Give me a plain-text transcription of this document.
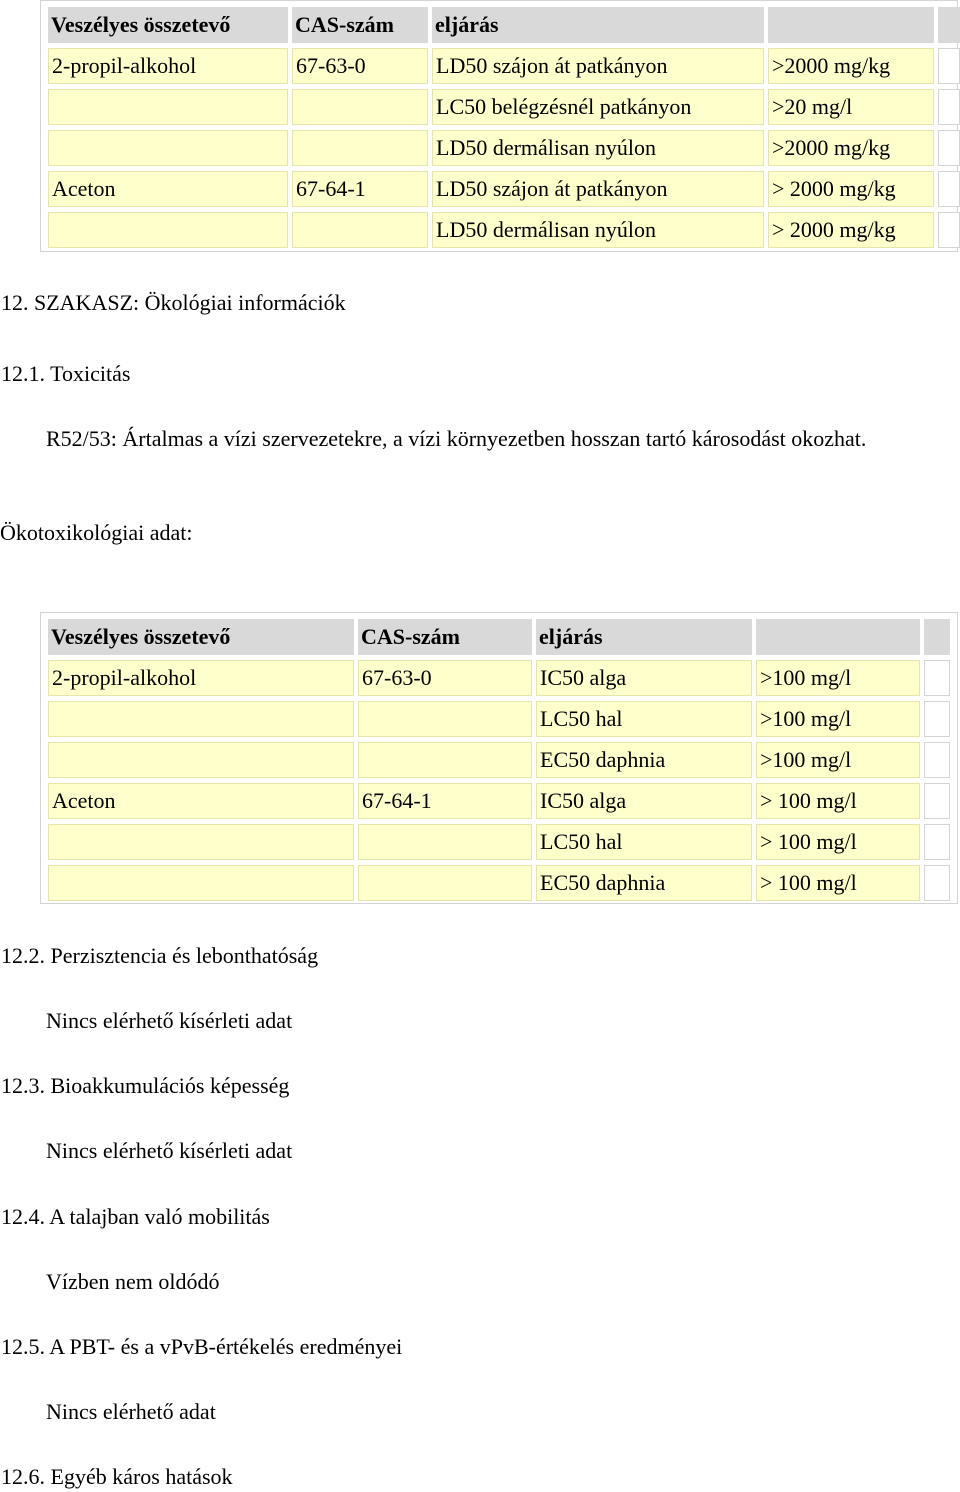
Veszélyes összetevő	CAS-szám	eljárás		
2-propil-alkohol	67-63-0	LD50 szájon át patkányon	>2000 mg/kg	
		LC50 belégzésnél patkányon	>20 mg/l	
		LD50 dermálisan nyúlon	>2000 mg/kg	
Aceton	67-64-1	LD50 szájon át patkányon	> 2000 mg/kg	
		LD50 dermálisan nyúlon	> 2000 mg/kg	
12. SZAKASZ: Ökológiai információk
12.1. Toxicitás
R52/53: Ártalmas a vízi szervezetekre, a vízi környezetben hosszan tartó károsodást okozhat.
Ökotoxikológiai adat:
Veszélyes összetevő	CAS-szám	eljárás		
2-propil-alkohol	67-63-0	IC50 alga	>100 mg/l	
		LC50 hal	>100 mg/l	
		EC50 daphnia	>100 mg/l	
Aceton	67-64-1	IC50 alga	> 100 mg/l	
		LC50 hal	> 100 mg/l	
		EC50 daphnia	> 100 mg/l	
12.2. Perzisztencia és lebonthatóság
Nincs elérhető kísérleti adat
12.3. Bioakkumulációs képesség
Nincs elérhető kísérleti adat
12.4. A talajban való mobilitás
Vízben nem oldódó
12.5. A PBT- és a vPvB-értékelés eredményei
Nincs elérhető adat
12.6. Egyéb káros hatások
